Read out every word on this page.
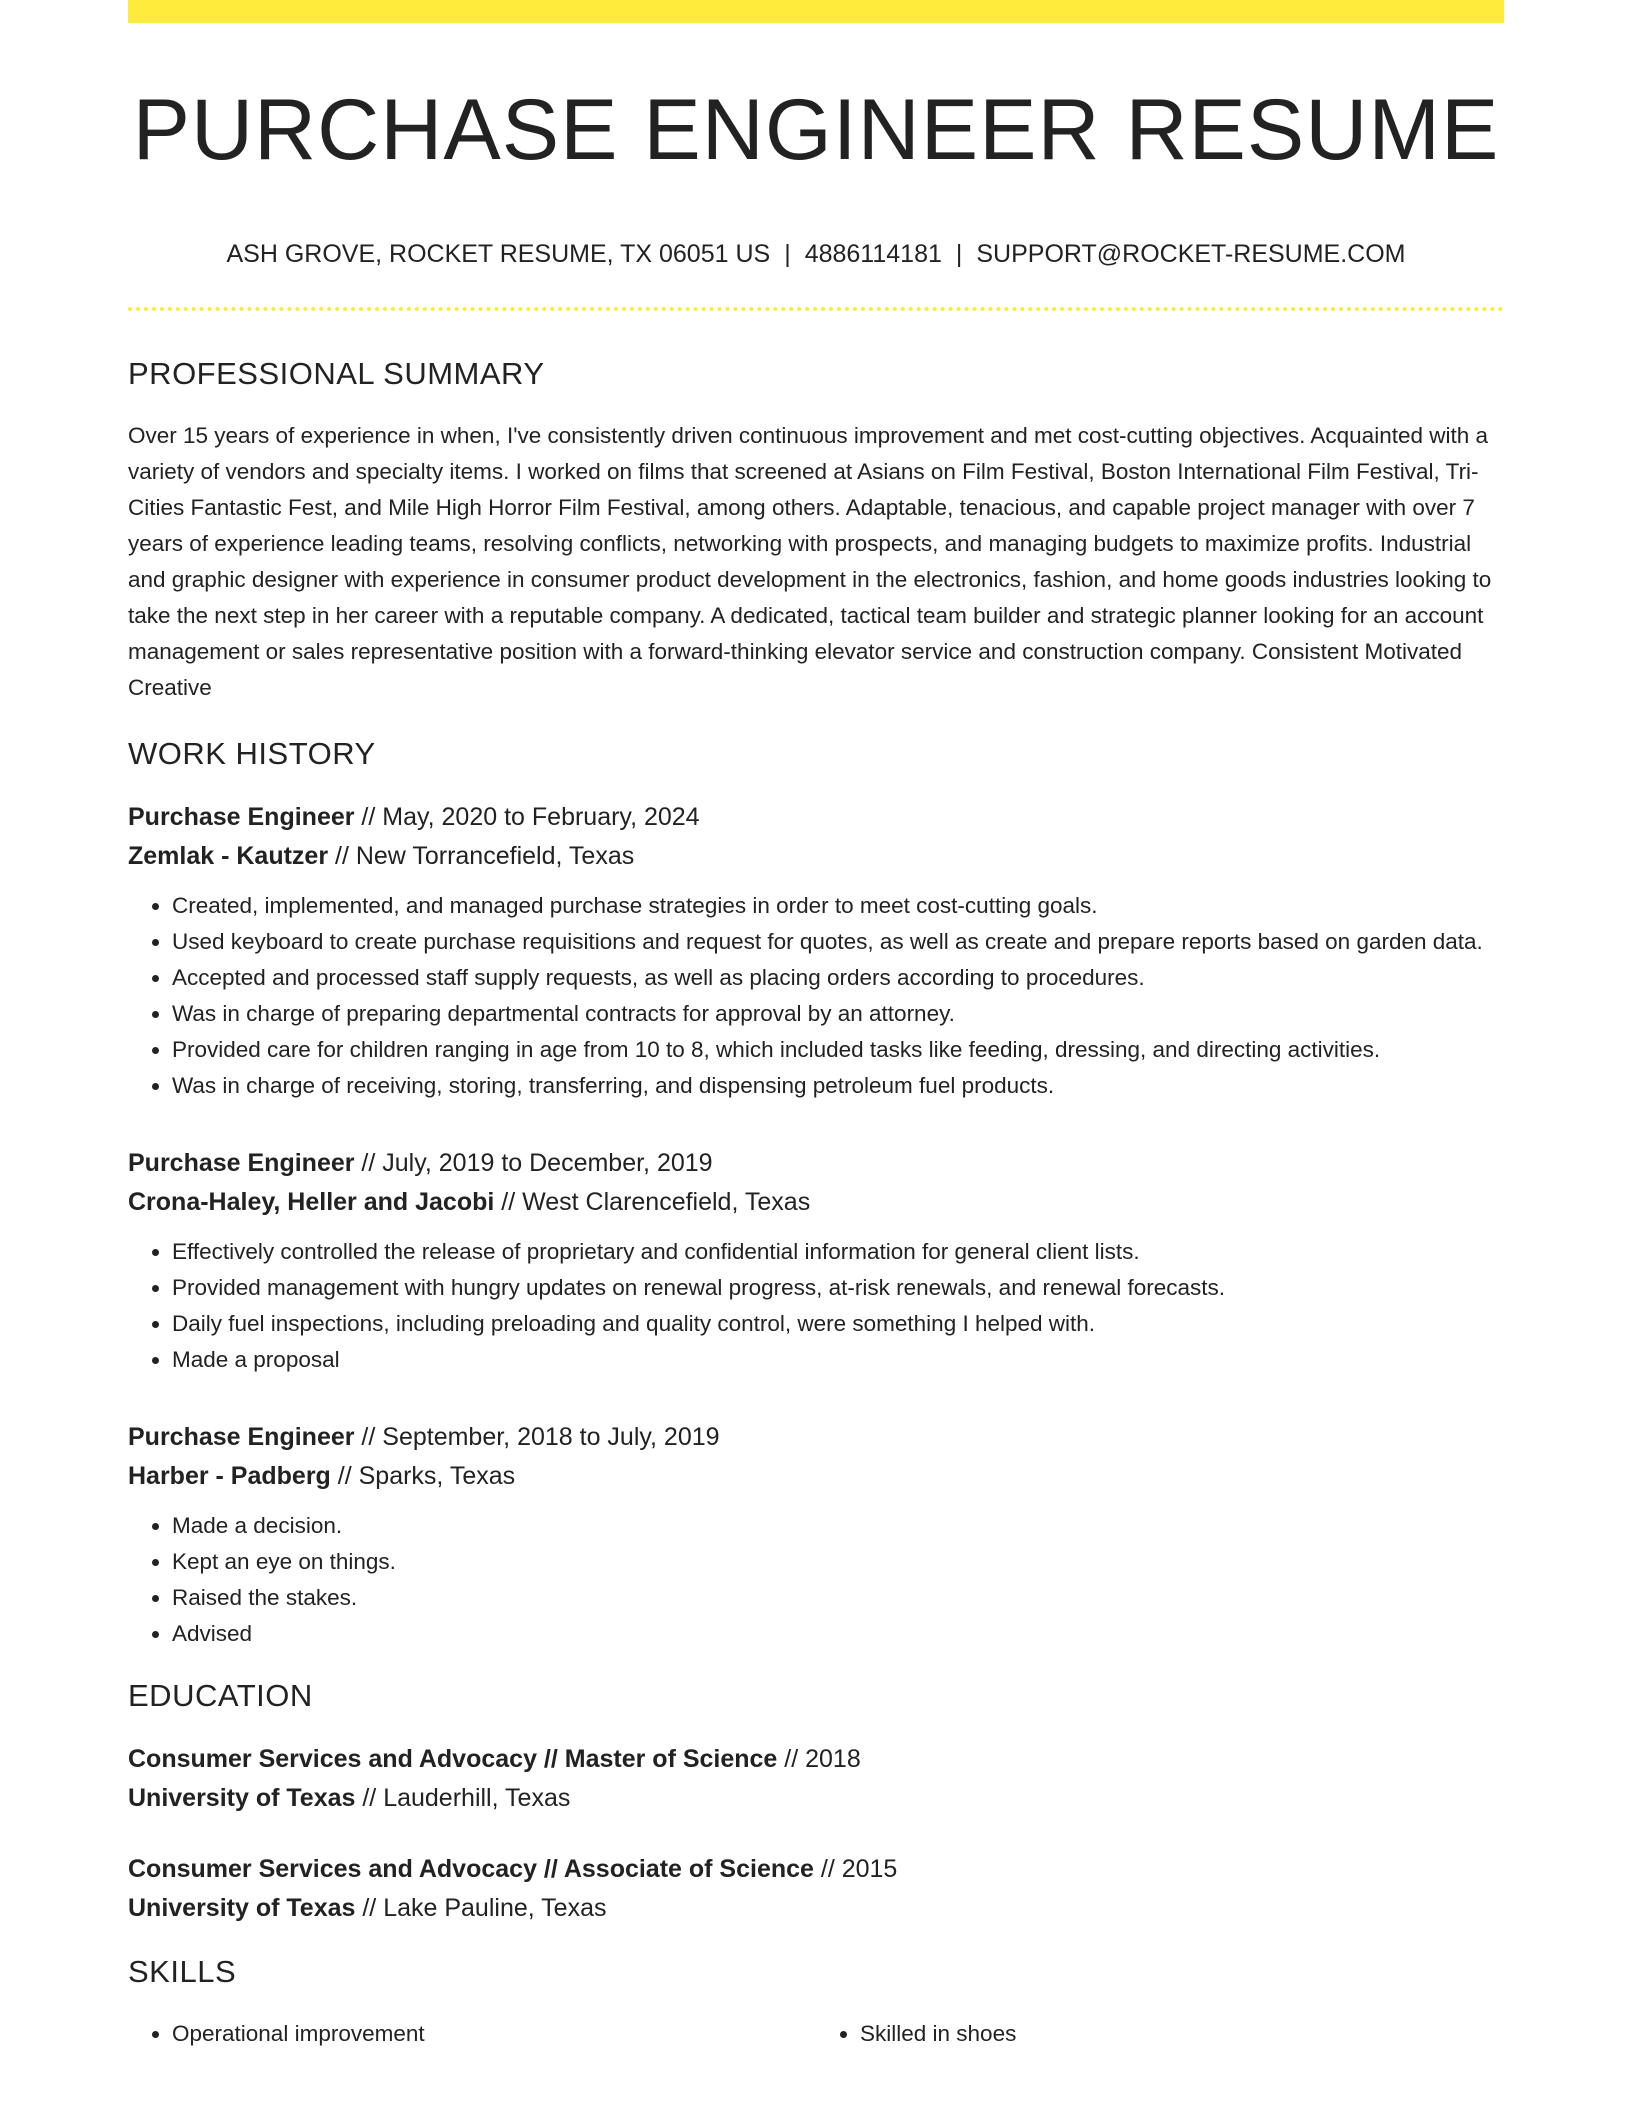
PURCHASE ENGINEER RESUME
ASH GROVE, ROCKET RESUME, TX 06051 US | 4886114181 | SUPPORT@ROCKET-RESUME.COM
PROFESSIONAL SUMMARY
Over 15 years of experience in when, I've consistently driven continuous improvement and met cost-cutting objectives. Acquainted with a variety of vendors and specialty items. I worked on films that screened at Asians on Film Festival, Boston International Film Festival, Tri-Cities Fantastic Fest, and Mile High Horror Film Festival, among others. Adaptable, tenacious, and capable project manager with over 7 years of experience leading teams, resolving conflicts, networking with prospects, and managing budgets to maximize profits. Industrial and graphic designer with experience in consumer product development in the electronics, fashion, and home goods industries looking to take the next step in her career with a reputable company. A dedicated, tactical team builder and strategic planner looking for an account management or sales representative position with a forward-thinking elevator service and construction company. Consistent Motivated Creative
WORK HISTORY
Purchase Engineer // May, 2020 to February, 2024
Zemlak - Kautzer // New Torrancefield, Texas
• Created, implemented, and managed purchase strategies in order to meet cost-cutting goals.
• Used keyboard to create purchase requisitions and request for quotes, as well as create and prepare reports based on garden data.
• Accepted and processed staff supply requests, as well as placing orders according to procedures.
• Was in charge of preparing departmental contracts for approval by an attorney.
• Provided care for children ranging in age from 10 to 8, which included tasks like feeding, dressing, and directing activities.
• Was in charge of receiving, storing, transferring, and dispensing petroleum fuel products.
Purchase Engineer // July, 2019 to December, 2019
Crona-Haley, Heller and Jacobi // West Clarencefield, Texas
• Effectively controlled the release of proprietary and confidential information for general client lists.
• Provided management with hungry updates on renewal progress, at-risk renewals, and renewal forecasts.
• Daily fuel inspections, including preloading and quality control, were something I helped with.
• Made a proposal
Purchase Engineer // September, 2018 to July, 2019
Harber - Padberg // Sparks, Texas
• Made a decision.
• Kept an eye on things.
• Raised the stakes.
• Advised
EDUCATION
Consumer Services and Advocacy // Master of Science // 2018
University of Texas // Lauderhill, Texas
Consumer Services and Advocacy // Associate of Science // 2015
University of Texas // Lake Pauline, Texas
SKILLS
• Operational improvement
•	Skilled in shoes
